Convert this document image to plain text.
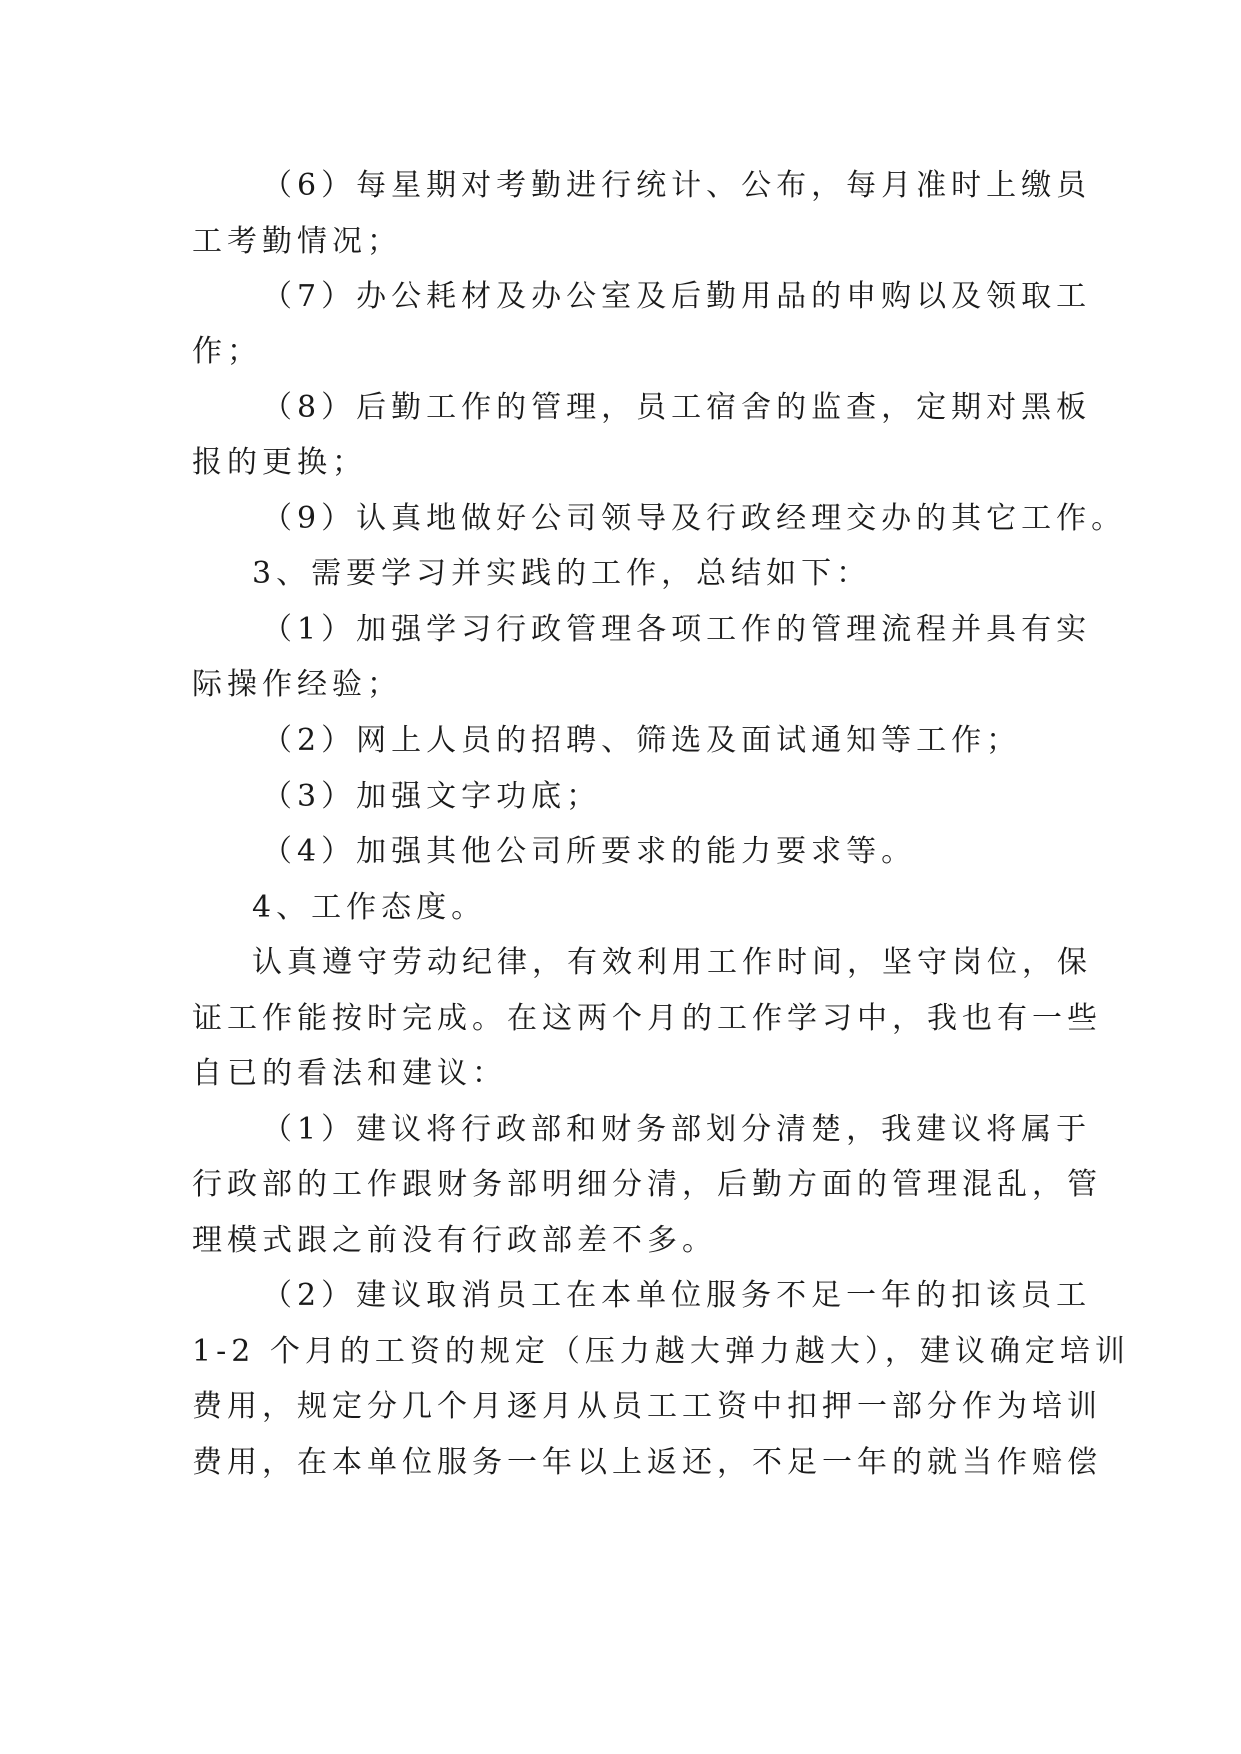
（6）每星期对考勤进行统计、公布，每月准时上缴员
工考勤情况；
（7）办公耗材及办公室及后勤用品的申购以及领取工
作；
（8）后勤工作的管理，员工宿舍的监查，定期对黑板
报的更换；
（9）认真地做好公司领导及行政经理交办的其它工作。
3、需要学习并实践的工作，总结如下：
（1）加强学习行政管理各项工作的管理流程并具有实
际操作经验；
（2）网上人员的招聘、筛选及面试通知等工作；
（3）加强文字功底；
（4）加强其他公司所要求的能力要求等。
4、工作态度。
认真遵守劳动纪律，有效利用工作时间，坚守岗位，保
证工作能按时完成。在这两个月的工作学习中，我也有一些
自已的看法和建议：
（1）建议将行政部和财务部划分清楚，我建议将属于
行政部的工作跟财务部明细分清，后勤方面的管理混乱，管
理模式跟之前没有行政部差不多。
（2）建议取消员工在本单位服务不足一年的扣该员工
1-2 个月的工资的规定（压力越大弹力越大），建议确定培训
费用，规定分几个月逐月从员工工资中扣押一部分作为培训
费用，在本单位服务一年以上返还，不足一年的就当作赔偿
